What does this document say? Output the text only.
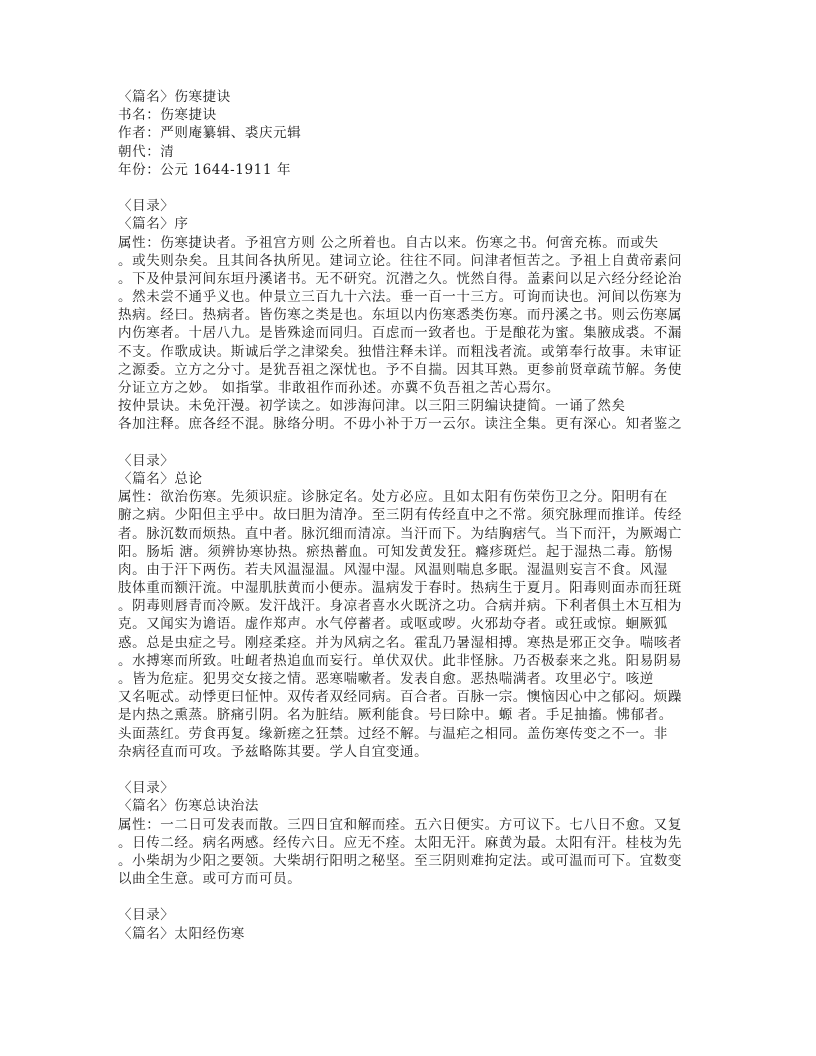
〈篇名〉伤寒捷诀
书名：伤寒捷诀
作者：严则庵纂辑、裘庆元辑
朝代：清
年份：公元 1644-1911 年
〈目录〉
〈篇名〉序
属性：伤寒捷诀者。予祖宫方则 公之所着也。自古以来。伤寒之书。何啻充栋。而或失
。或失则杂矣。且其间各执所见。建词立论。往往不同。问津者恒苦之。予祖上自黄帝素问
。下及仲景河间东垣丹溪诸书。无不研究。沉潜之久。恍然自得。盖素问以足六经分经论治
。然未尝不通乎义也。仲景立三百九十六法。垂一百一十三方。可询而诀也。河间以伤寒为
热病。经曰。热病者。皆伤寒之类是也。东垣以内伤寒悉类伤寒。而丹溪之书。则云伤寒属
内伤寒者。十居八九。是皆殊途而同归。百虑而一致者也。于是酿花为蜜。集腋成裘。不漏
不支。作歌成诀。斯诚后学之津梁矣。独惜注释未详。而粗浅者流。或第奉行故事。未审证
之源委。立方之分寸。是犹吾祖之深忧也。予不自揣。因其耳熟。更参前贤章疏节解。务使
分证立方之妙。 如指掌。非敢祖作而孙述。亦冀不负吾祖之苦心焉尔。
按仲景诀。未免汗漫。初学读之。如涉海问津。以三阳三阴编诀捷简。一诵了然矣
各加注释。庶各经不混。脉络分明。不毋小补于万一云尔。读注全集。更有深心。知者鉴之
〈目录〉
〈篇名〉总论
属性：欲治伤寒。先须识症。诊脉定名。处方必应。且如太阳有伤荣伤卫之分。阳明有在
腑之病。少阳但主乎中。故曰胆为清净。至三阴有传经直中之不常。须究脉理而推详。传经
者。脉沉数而烦热。直中者。脉沉细而清凉。当汗而下。为结胸痞气。当下而汗，为厥竭亡
阳。肠垢 溏。须辨协寒协热。瘀热蓄血。可知发黄发狂。癃疹斑烂。起于湿热二毒。筋惕
肉。由于汗下两伤。若夫风温湿温。风湿中湿。风温则喘息多眠。湿温则妄言不食。风湿
肢体重而额汗流。中湿肌肤黄而小便赤。温病发于春时。热病生于夏月。阳毒则面赤而狂斑
。阴毒则唇青而冷厥。发汗战汗。身凉者喜水火既济之功。合病并病。下利者俱土木互相为
克。又闻实为谵语。虚作郑声。水气停蓄者。或呕或哕。火邪劫夺者。或狂或惊。蛔厥狐
惑。总是虫症之号。刚痉柔痉。并为风病之名。霍乱乃暑湿相搏。寒热是邪正交争。喘咳者
。水搏寒而所致。吐衄者热追血而妄行。单伏双伏。此非怪脉。乃否极泰来之兆。阳易阴易
。皆为危症。犯男交女接之情。恶寒喘嗽者。发表自愈。恶热喘满者。攻里必宁。咳逆
又名呃忒。动悸更曰怔忡。双传者双经同病。百合者。百脉一宗。懊恼因心中之郁闷。烦躁
是内热之熏蒸。脐痛引阴。名为脏结。厥利能食。号曰除中。螈 者。手足抽搐。怫郁者。
头面蒸红。劳食再复。缘新瘥之狂禁。过经不解。与温疟之相同。盖伤寒传变之不一。非
杂病径直而可攻。予兹略陈其要。学人自宜变通。
〈目录〉
〈篇名〉伤寒总诀治法
属性：一二日可发表而散。三四日宜和解而痊。五六日便实。方可议下。七八日不愈。又复
。日传二经。病名两感。经传六日。应无不痊。太阳无汗。麻黄为最。太阳有汗。桂枝为先
。小柴胡为少阳之要领。大柴胡行阳明之秘坚。至三阴则难拘定法。或可温而可下。宜数变
以曲全生意。或可方而可员。
〈目录〉
〈篇名〉太阳经伤寒
